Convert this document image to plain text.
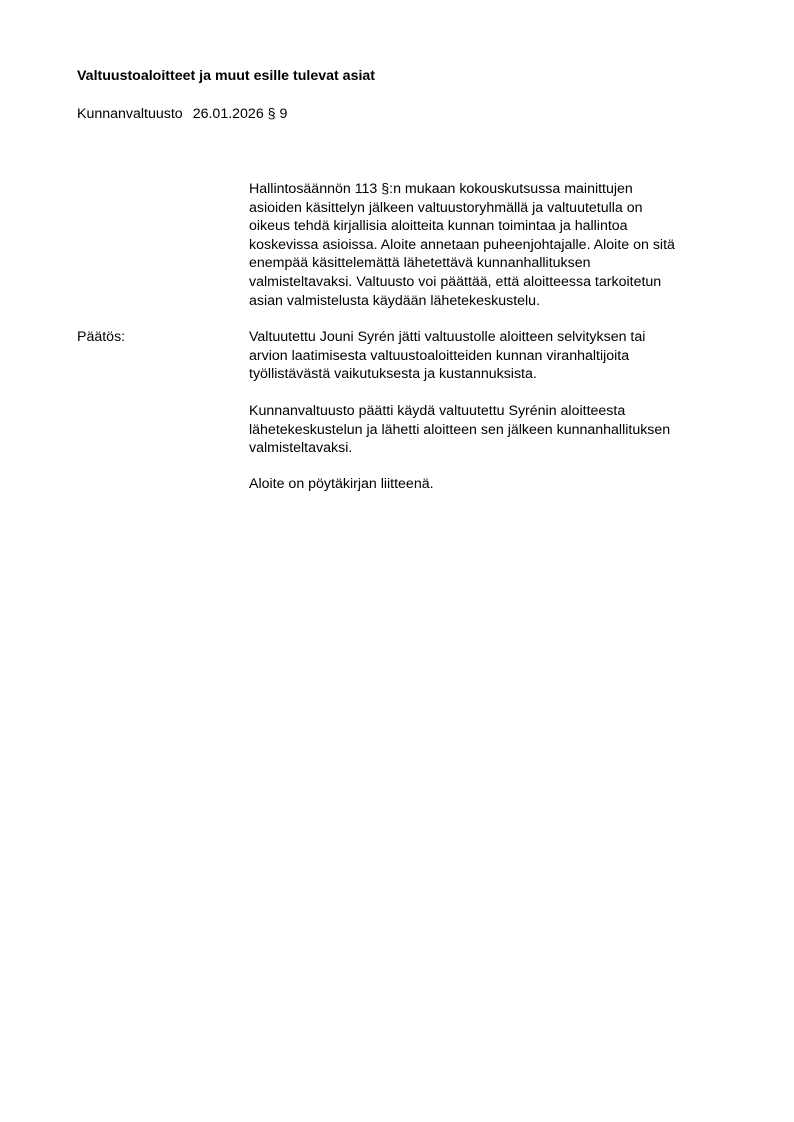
Valtuustoaloitteet ja muut esille tulevat asiat
Kunnanvaltuusto 26.01.2026 § 9

Hallintosäännön 113 §:n mukaan kokouskutsussa mainittujen
asioiden käsittelyn jälkeen valtuustoryhmällä ja valtuutetulla on
oikeus tehdä kirjallisia aloitteita kunnan toimintaa ja hallintoa
koskevissa asioissa. Aloite annetaan puheenjohtajalle. Aloite on sitä
enempää käsittelemättä lähetettävä kunnanhallituksen
valmisteltavaksi. Valtuusto voi päättää, että aloitteessa tarkoitetun
asian valmistelusta käydään lähetekeskustelu.

Päätös:	Valtuutettu Jouni Syrén jätti valtuustolle aloitteen selvityksen tai
arvion laatimisesta valtuustoaloitteiden kunnan viranhaltijoita
työllistävästä vaikutuksesta ja kustannuksista.

Kunnanvaltuusto päätti käydä valtuutettu Syrénin aloitteesta
lähetekeskustelun ja lähetti aloitteen sen jälkeen kunnanhallituksen
valmisteltavaksi.

Aloite on pöytäkirjan liitteenä.
